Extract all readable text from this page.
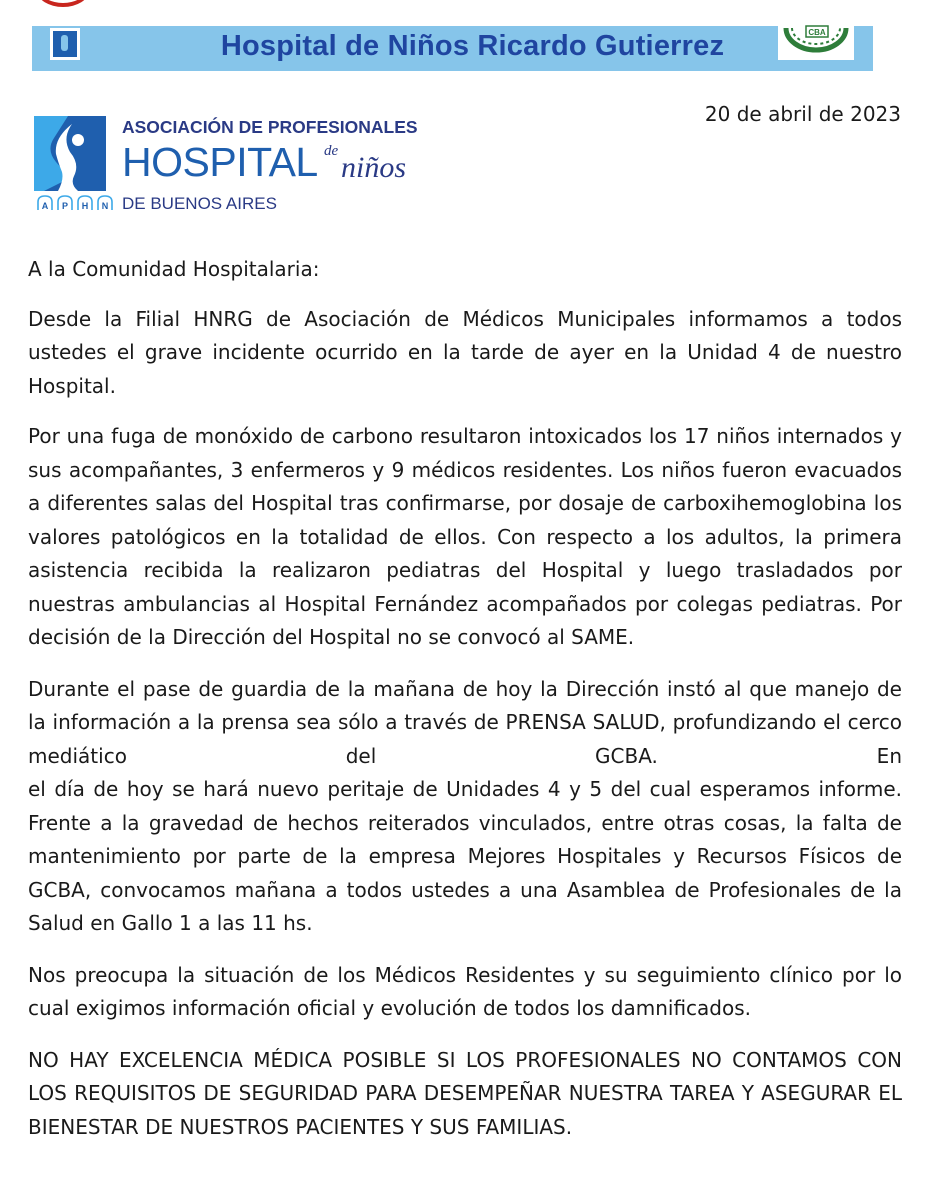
Hospital de Niños Ricardo Gutierrez	CBA
ASOCIACIÓN DE PROFESIONALES
HOSPITAL de niños
A P H N DE BUENOS AIRES
20 de abril de 2023

A la Comunidad Hospitalaria:

Desde la Filial HNRG de Asociación de Médicos Municipales informamos a todos ustedes el grave incidente ocurrido en la tarde de ayer en la Unidad 4 de nuestro Hospital.

Por una fuga de monóxido de carbono resultaron intoxicados los 17 niños internados y sus acompañantes, 3 enfermeros y 9 médicos residentes. Los niños fueron evacuados a diferentes salas del Hospital tras confirmarse, por dosaje de carboxihemoglobina los valores patológicos en la totalidad de ellos. Con respecto a los adultos, la primera asistencia recibida la realizaron pediatras del Hospital y luego trasladados por nuestras ambulancias al Hospital Fernández acompañados por colegas pediatras. Por

decisión de la Dirección del Hospital no se convocó al SAME.

Durante el pase de guardia de la mañana de hoy la Dirección instó al que manejo de la información a la prensa sea sólo a través de PRENSA SALUD, profundizando el cerco mediático del GCBA. En

el día de hoy se hará nuevo peritaje de Unidades 4 y 5 del cual esperamos informe. Frente a la gravedad de hechos reiterados vinculados, entre otras cosas, la falta de mantenimiento por parte de la empresa Mejores Hospitales y Recursos Físicos de GCBA, convocamos mañana a todos ustedes a una Asamblea de Profesionales de la Salud en Gallo 1 a las 11 hs.

Nos preocupa la situación de los Médicos Residentes y su seguimiento clínico por lo cual exigimos información oficial y evolución de todos los damnificados.

NO HAY EXCELENCIA MÉDICA POSIBLE SI LOS PROFESIONALES NO CONTAMOS CON LOS REQUISITOS DE SEGURIDAD PARA DESEMPEÑAR NUESTRA TAREA Y ASEGURAR EL BIENESTAR DE NUESTROS PACIENTES Y SUS FAMILIAS.
